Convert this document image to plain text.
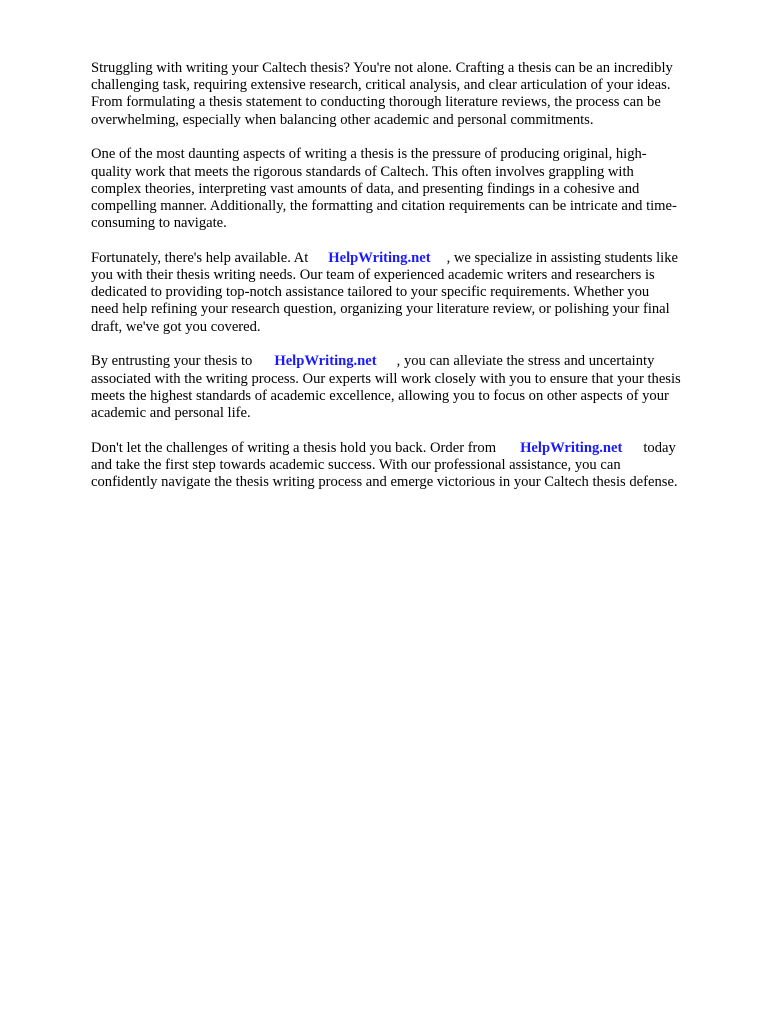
Struggling with writing your Caltech thesis? You're not alone. Crafting a thesis can be an incredibly
challenging task, requiring extensive research, critical analysis, and clear articulation of your ideas.
From formulating a thesis statement to conducting thorough literature reviews, the process can be
overwhelming, especially when balancing other academic and personal commitments.

One of the most daunting aspects of writing a thesis is the pressure of producing original, high-
quality work that meets the rigorous standards of Caltech. This often involves grappling with
complex theories, interpreting vast amounts of data, and presenting findings in a cohesive and
compelling manner. Additionally, the formatting and citation requirements can be intricate and time-
consuming to navigate.

Fortunately, there's help available. At HelpWriting.net , we specialize in assisting students like
you with their thesis writing needs. Our team of experienced academic writers and researchers is
dedicated to providing top-notch assistance tailored to your specific requirements. Whether you
need help refining your research question, organizing your literature review, or polishing your final
draft, we've got you covered.

By entrusting your thesis to HelpWriting.net , you can alleviate the stress and uncertainty
associated with the writing process. Our experts will work closely with you to ensure that your thesis
meets the highest standards of academic excellence, allowing you to focus on other aspects of your
academic and personal life.

Don't let the challenges of writing a thesis hold you back. Order from HelpWriting.net today
and take the first step towards academic success. With our professional assistance, you can
confidently navigate the thesis writing process and emerge victorious in your Caltech thesis defense.
